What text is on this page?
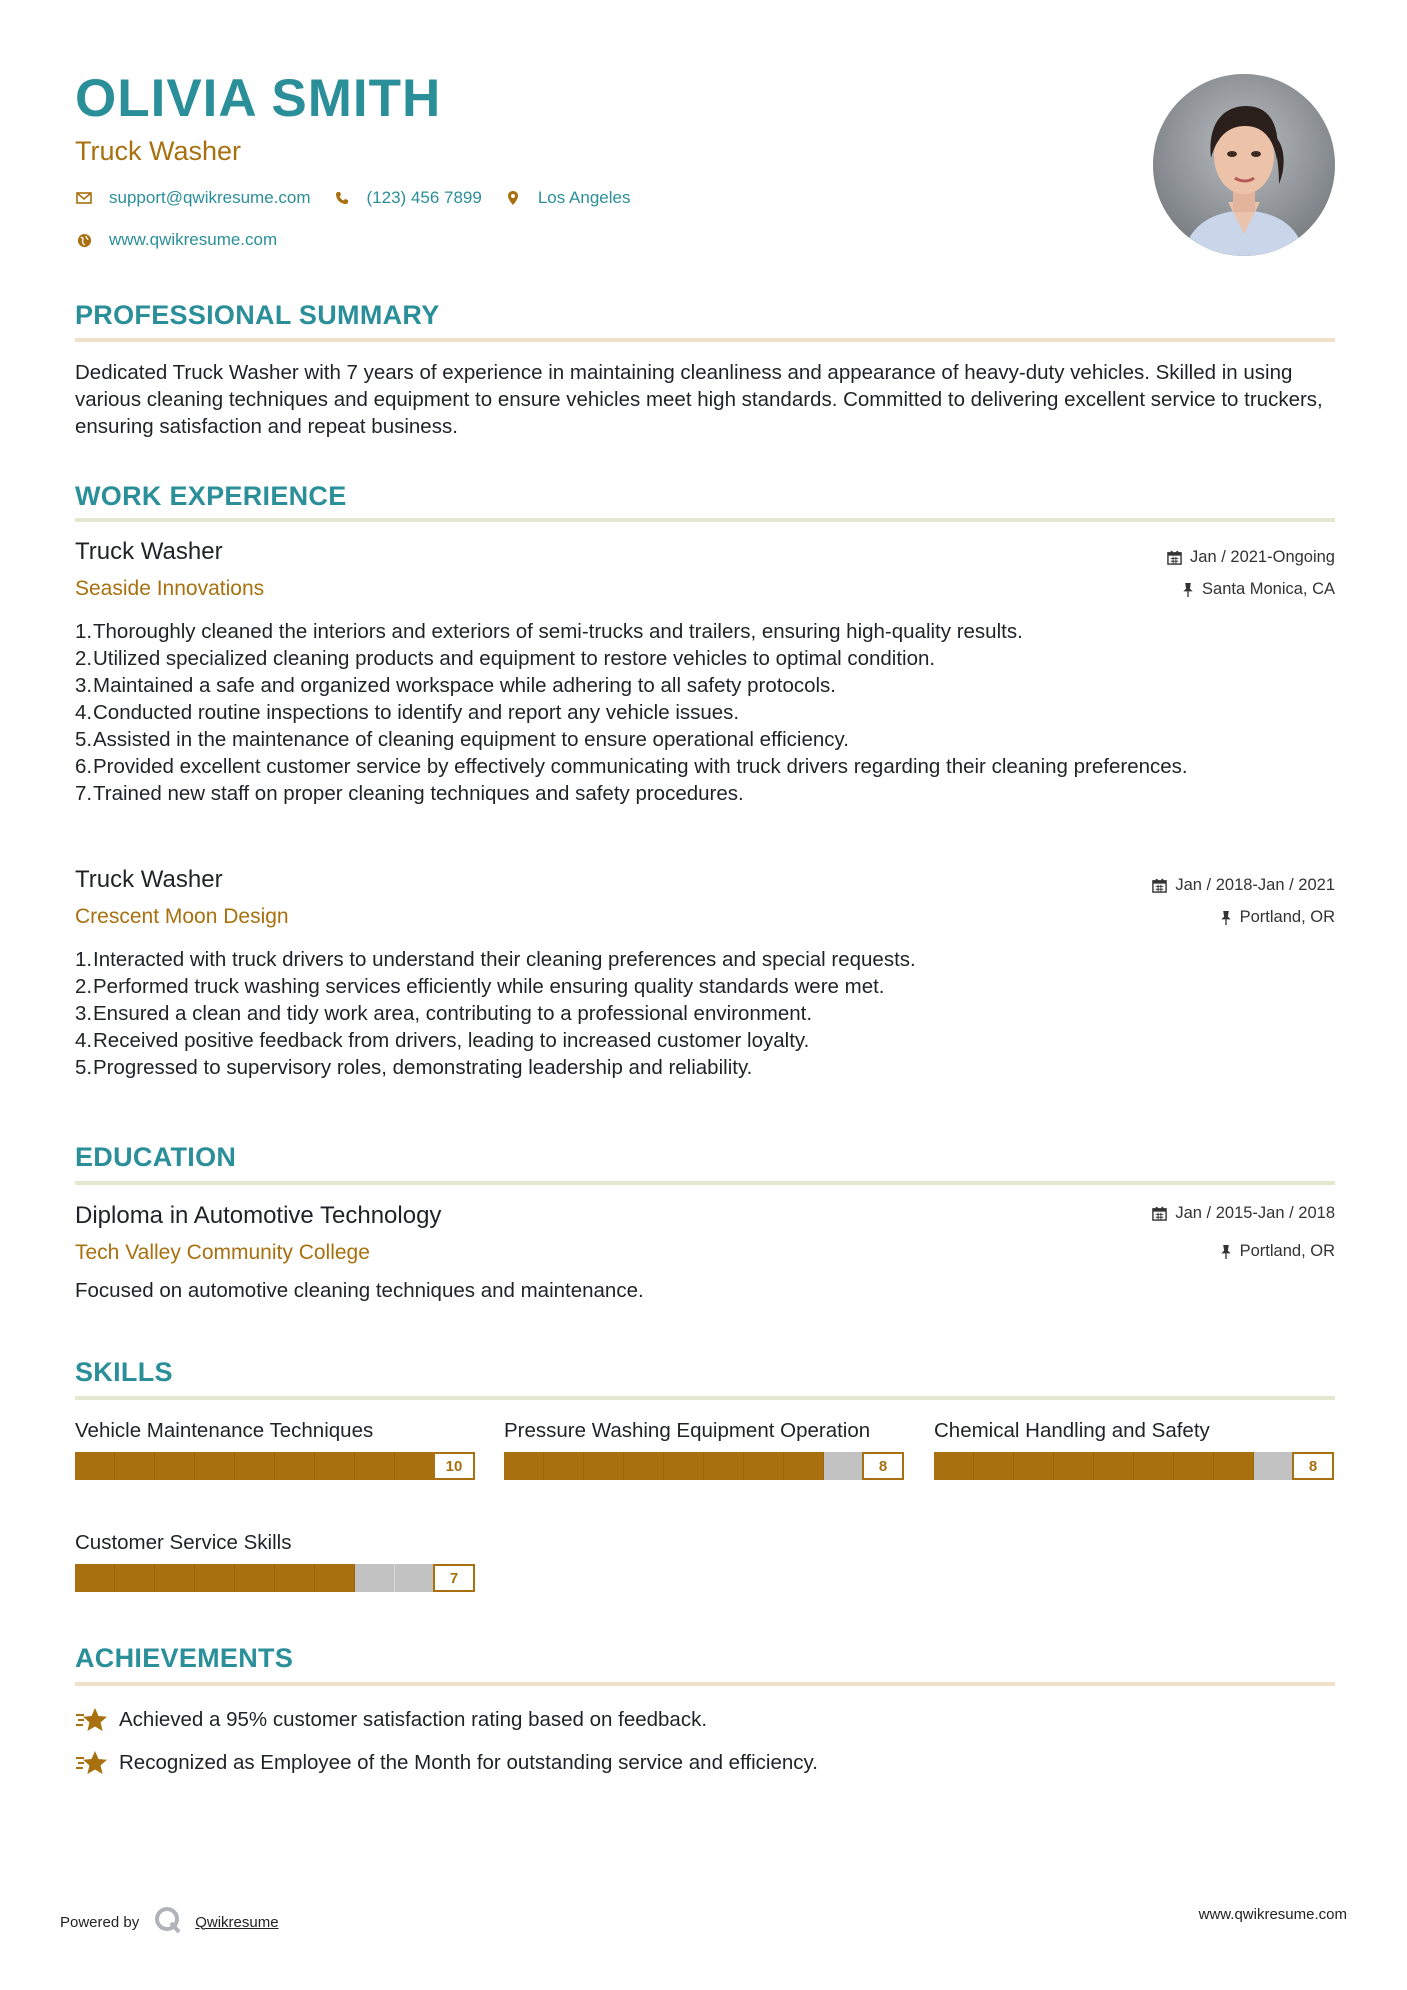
OLIVIA SMITH
Truck Washer
support@qwikresume.com	(123) 456 7899	Los Angeles
www.qwikresume.com
PROFESSIONAL SUMMARY
Dedicated Truck Washer with 7 years of experience in maintaining cleanliness and appearance of heavy-duty vehicles. Skilled in using various cleaning techniques and equipment to ensure vehicles meet high standards. Committed to delivering excellent service to truckers, ensuring satisfaction and repeat business.
WORK EXPERIENCE
Truck Washer
Seaside Innovations
Jan / 2021-Ongoing
Santa Monica, CA
Thoroughly cleaned the interiors and exteriors of semi-trucks and trailers, ensuring high-quality results.
Utilized specialized cleaning products and equipment to restore vehicles to optimal condition.
Maintained a safe and organized workspace while adhering to all safety protocols.
Conducted routine inspections to identify and report any vehicle issues.
Assisted in the maintenance of cleaning equipment to ensure operational efficiency.
Provided excellent customer service by effectively communicating with truck drivers regarding their cleaning preferences.
Trained new staff on proper cleaning techniques and safety procedures.
Truck Washer
Crescent Moon Design
Jan / 2018-Jan / 2021
Portland, OR
Interacted with truck drivers to understand their cleaning preferences and special requests.
Performed truck washing services efficiently while ensuring quality standards were met.
Ensured a clean and tidy work area, contributing to a professional environment.
Received positive feedback from drivers, leading to increased customer loyalty.
Progressed to supervisory roles, demonstrating leadership and reliability.
EDUCATION
Diploma in Automotive Technology
Tech Valley Community College
Jan / 2015-Jan / 2018
Portland, OR
Focused on automotive cleaning techniques and maintenance.
SKILLS
Vehicle Maintenance Techniques
10
Pressure Washing Equipment Operation
8
Chemical Handling and Safety
8
Customer Service Skills
7
ACHIEVEMENTS
Achieved a 95% customer satisfaction rating based on feedback.
Recognized as Employee of the Month for outstanding service and efficiency.
Powered by	Qwikresume	www.qwikresume.com
